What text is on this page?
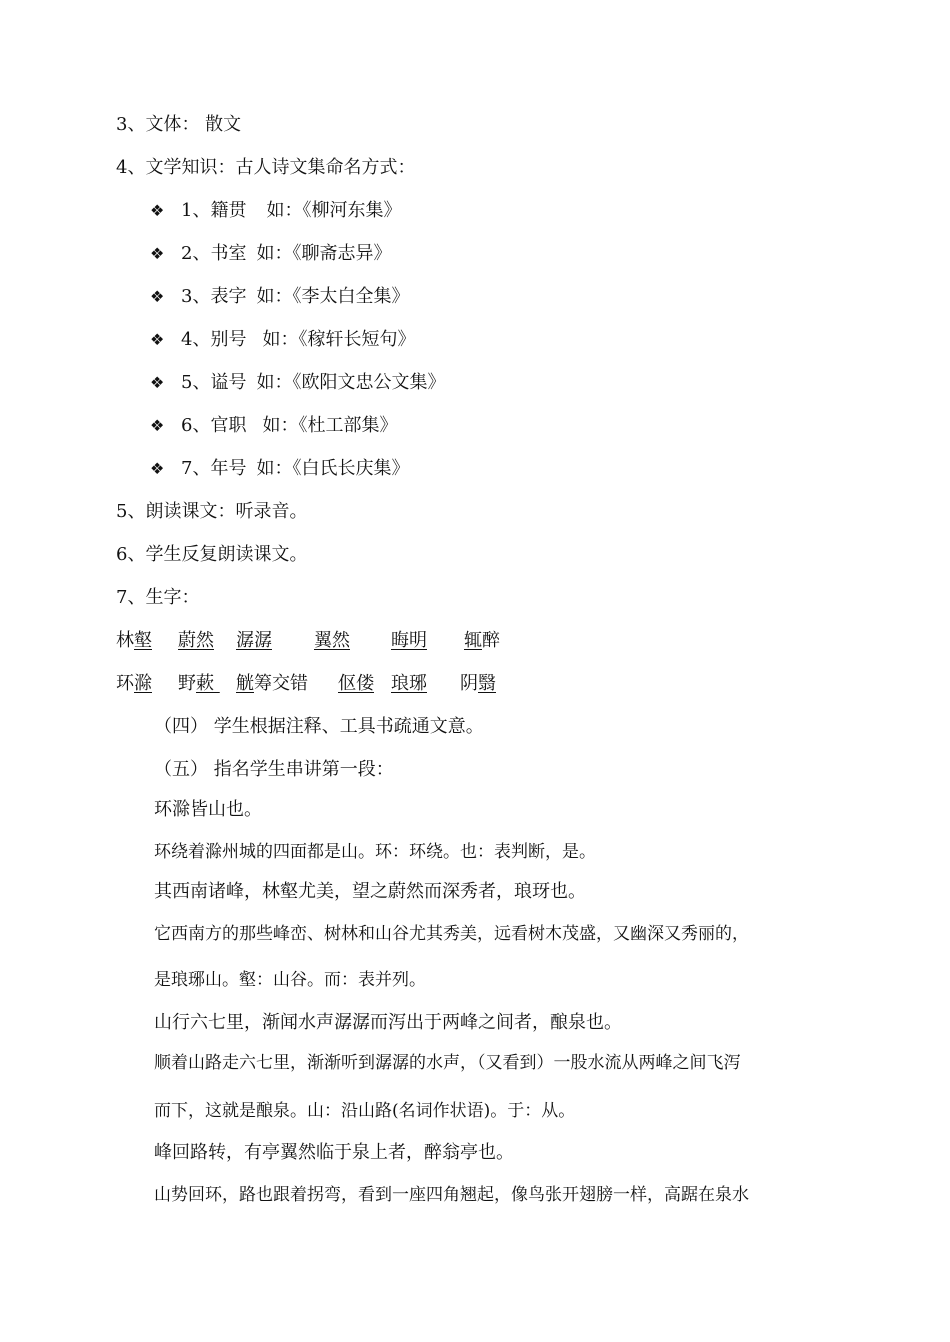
3、文体： 散文
4、文学知识：古人诗文集命名方式：
❖ 1、籍贯 如：《柳河东集》
❖ 2、书室 如：《聊斋志异》
❖ 3、表字 如：《李太白全集》
❖ 4、别号 如：《稼轩长短句》
❖ 5、谥号 如：《欧阳文忠公文集》
❖ 6、官职 如：《杜工部集》
❖ 7、年号 如：《白氏长庆集》
5、朗读课文：听录音。
6、学生反复朗读课文。
7、生字：
林壑 蔚然 潺潺 翼然 晦明 辄醉
环滁 野蔌	觥筹交错 伛偻 琅琊 阴翳
（四） 学生根据注释、工具书疏通文意。
（五） 指名学生串讲第一段：
环滁皆山也。
环绕着滁州城的四面都是山。环：环绕。也：表判断，是。
其西南诸峰，林壑尤美，望之蔚然而深秀者，琅玡也。
它西南方的那些峰峦、树林和山谷尤其秀美，远看树木茂盛，又幽深又秀丽的，
是琅琊山。壑：山谷。而：表并列。
山行六七里，渐闻水声潺潺而泻出于两峰之间者，酿泉也。
顺着山路走六七里，渐渐听到潺潺的水声，（又看到）一股水流从两峰之间飞泻
而下，这就是酿泉。山：沿山路(名词作状语)。于：从。
峰回路转，有亭翼然临于泉上者，醉翁亭也。
山势回环，路也跟着拐弯，看到一座四角翘起，像鸟张开翅膀一样，高踞在泉水
